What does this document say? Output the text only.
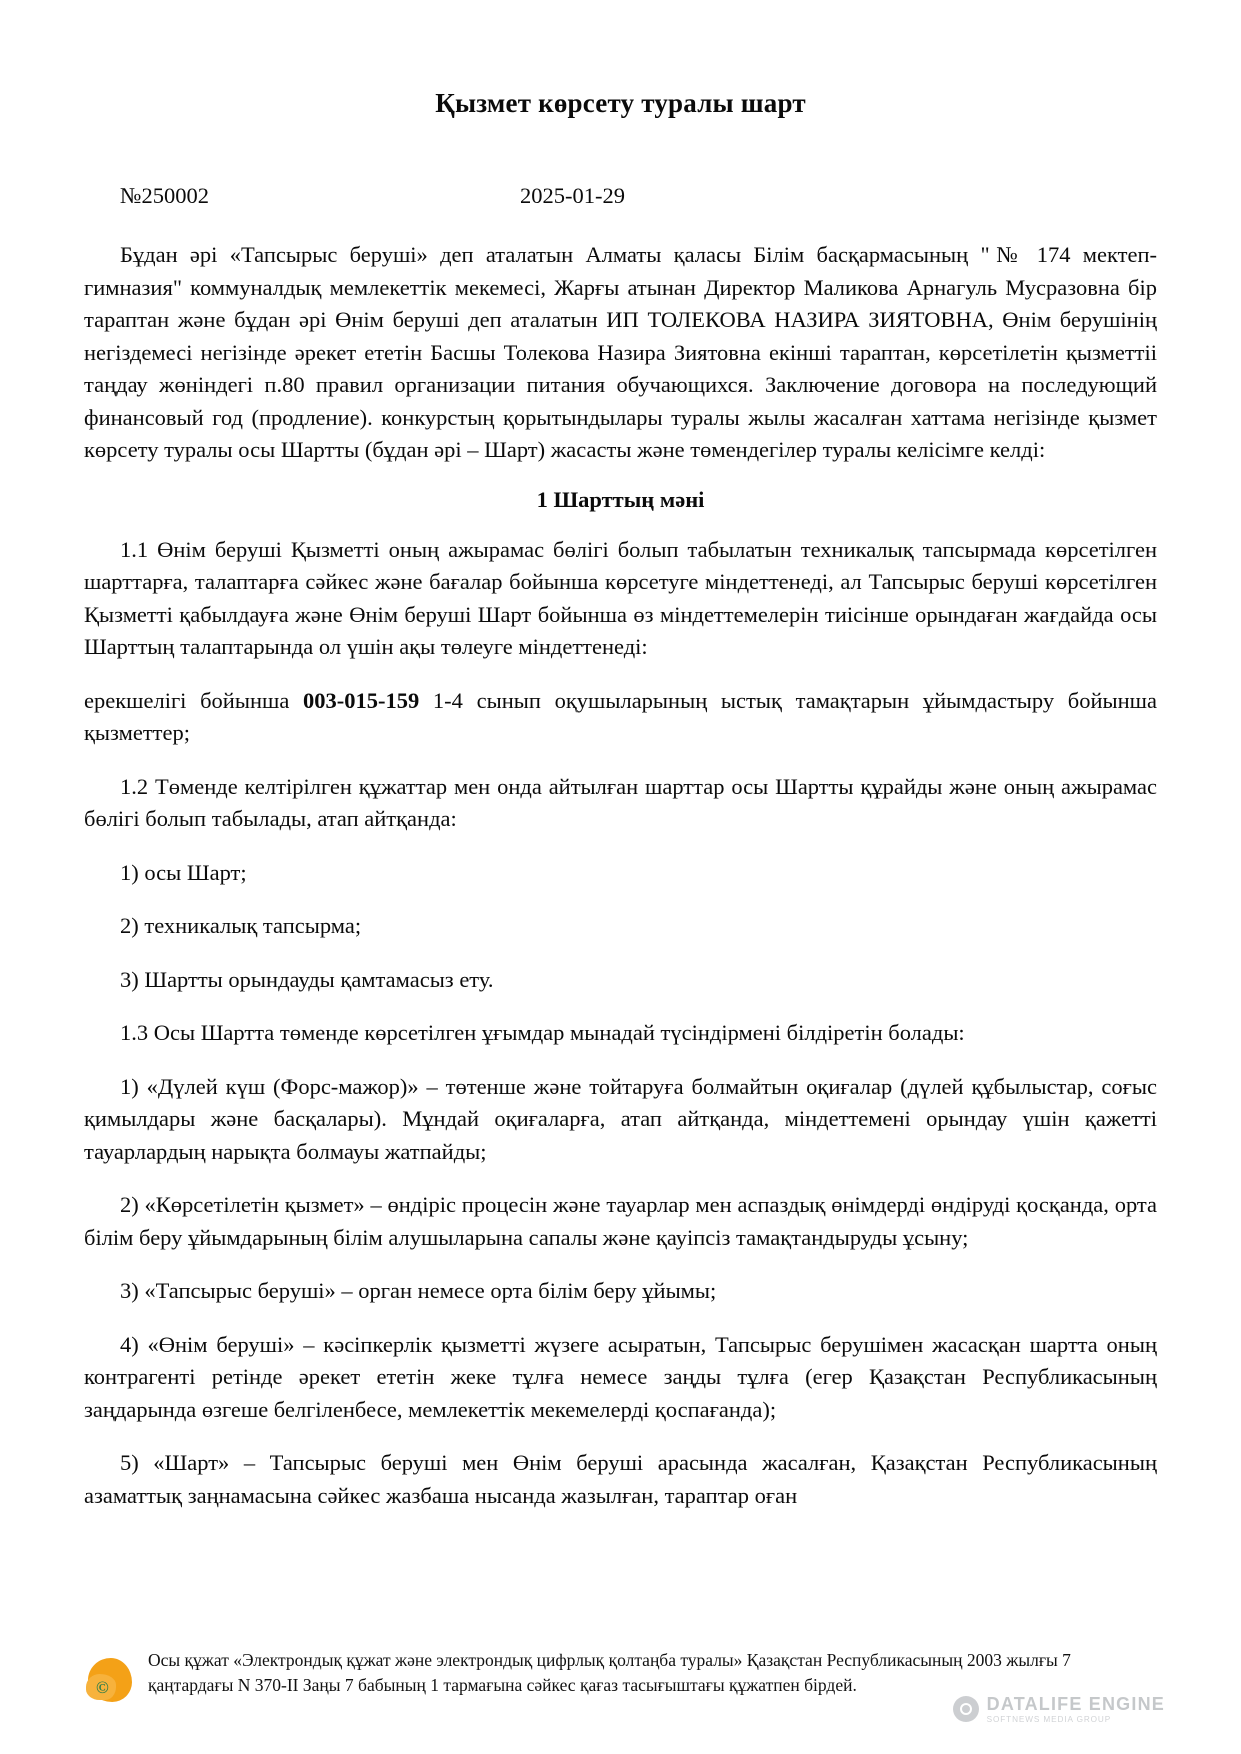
Қызмет көрсету туралы шарт
№250002	2025-01-29

Бұдан әрі «Тапсырыс беруші» деп аталатын Алматы қаласы Білім басқармасының "№ 174 мектеп-гимназия" коммуналдық мемлекеттік мекемесі, Жарғы атынан Директор Маликова Арнагуль Мусразовна бір тараптан және бұдан әрі Өнім беруші деп аталатын ИП ТОЛЕКОВА НАЗИРА ЗИЯТОВНА, Өнім берушінің негіздемесі негізінде әрекет ететін Басшы Толекова Назира Зиятовна екінші тараптан, көрсетілетін қызметтіі таңдау жөніндегі п.80 правил организации питания обучающихся. Заключение договора на последующий финансовый год (продление). конкурстың қорытындылары туралы жылы жасалған хаттама негізінде қызмет көрсету туралы осы Шартты (бұдан әрі – Шарт) жасасты және төмендегілер туралы келісімге келді:

1 Шарттың мәні

1.1 Өнім беруші Қызметті оның ажырамас бөлігі болып табылатын техникалық тапсырмада көрсетілген шарттарға, талаптарға сәйкес және бағалар бойынша көрсетуге міндеттенеді, ал Тапсырыс беруші көрсетілген Қызметті қабылдауға және Өнім беруші Шарт бойынша өз міндеттемелерін тиісінше орындаған жағдайда осы Шарттың талаптарында ол үшін ақы төлеуге міндеттенеді:

ерекшелігі бойынша 003-015-159 1-4 сынып оқушыларының ыстық тамақтарын ұйымдастыру бойынша қызметтер;

1.2 Төменде келтірілген құжаттар мен онда айтылған шарттар осы Шартты құрайды және оның ажырамас бөлігі болып табылады, атап айтқанда:

1) осы Шарт;

2) техникалық тапсырма;

3) Шартты орындауды қамтамасыз ету.

1.3 Осы Шартта төменде көрсетілген ұғымдар мынадай түсіндірмені білдіретін болады:

1) «Дүлей күш (Форс-мажор)» – төтенше және тойтаруға болмайтын оқиғалар (дүлей құбылыстар, соғыс қимылдары және басқалары). Мұндай оқиғаларға, атап айтқанда, міндеттемені орындау үшін қажетті тауарлардың нарықта болмауы жатпайды;

2) «Көрсетілетін қызмет» – өндіріс процесін және тауарлар мен аспаздық өнімдерді өндіруді қосқанда, орта білім беру ұйымдарының білім алушыларына сапалы және қауіпсіз тамақтандыруды ұсыну;

3) «Тапсырыс беруші» – орган немесе орта білім беру ұйымы;

4) «Өнім беруші» – кәсіпкерлік қызметті жүзеге асыратын, Тапсырыс берушімен жасасқан шартта оның контрагенті ретінде әрекет ететін жеке тұлға немесе заңды тұлға (егер Қазақстан Республикасының заңдарында өзгеше белгіленбесе, мемлекеттік мекемелерді қоспағанда);

5) «Шарт» – Тапсырыс беруші мен Өнім беруші арасында жасалған, Қазақстан Республикасының азаматтық заңнамасына сәйкес жазбаша нысанда жазылған, тараптар оған

©
Осы құжат «Электрондық құжат және электрондық цифрлық қолтаңба туралы» Қазақстан Республикасының 2003 жылғы 7 қаңтардағы N 370-II Заңы 7 бабының 1 тармағына сәйкес қағаз тасығыштағы құжатпен бірдей.
DATALIFE ENGINE
SOFTNEWS MEDIA GROUP
